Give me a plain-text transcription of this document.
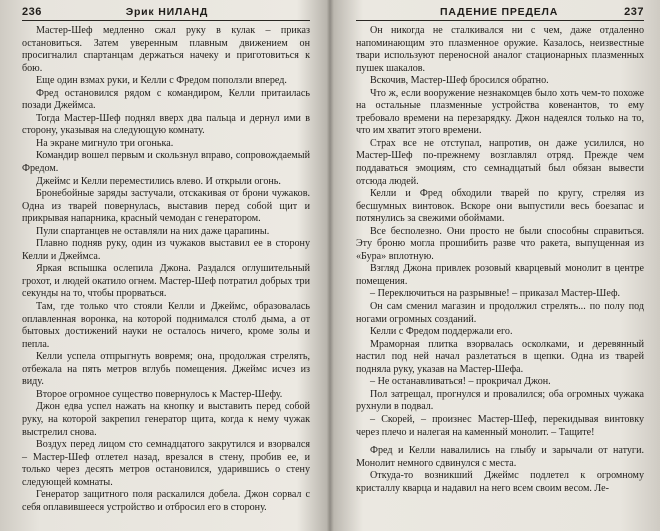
236	Эрик НИЛАНД

Мастер-Шеф медленно сжал руку в кулак – приказ остановиться. Затем уверенным плавным движением он просигналил спартанцам держаться начеку и приготовиться к бою.

Еще один взмах руки, и Келли с Фредом поползли вперед.

Фред остановился рядом с командиром, Келли притаилась позади Джеймса.

Тогда Мастер-Шеф поднял вверх два пальца и дернул ими в сторону, указывая на следующую комнату.

На экране мигнуло три огонька.

Командир вошел первым и скользнул вправо, сопровождаемый Фредом.

Джеймс и Келли переместились влево. И открыли огонь.

Бронебойные заряды застучали, отскакивая от брони чужаков. Одна из тварей повернулась, выставив перед собой щит и прикрывая напарника, красный чемодан с генератором.

Пули спартанцев не оставляли на них даже царапины.

Плавно подняв руку, один из чужаков выставил ее в сторону Келли и Джеймса.

Яркая вспышка ослепила Джона. Раздался оглушительный грохот, и людей окатило огнем. Мастер-Шеф потратил добрых три секунды на то, чтобы прорваться.

Там, где только что стояли Келли и Джеймс, образовалась оплавленная воронка, на которой поднимался столб дыма, а от бытовых достижений науки не осталось ничего, кроме золы и пепла.

Келли успела отпрыгнуть вовремя; она, продолжая стрелять, отбежала на пять метров вглубь помещения. Джеймс исчез из виду.

Второе огромное существо повернулось к Мастер-Шефу.

Джон едва успел нажать на кнопку и выставить перед собой руку, на которой закрепил генератор щита, когда к нему чужак выстрелил снова.

Воздух перед лицом сто семнадцатого закрутился и взорвался – Мастер-Шеф отлетел назад, врезался в стену, пробив ее, и только через десять метров остановился, ударившись о стену следующей комнаты.

Генератор защитного поля раскалился добела. Джон сорвал с себя оплавившееся устройство и отбросил его в сторону.

ПАДЕНИЕ ПРЕДЕЛА	237

Он никогда не сталкивался ни с чем, даже отдаленно напоминающим это плазменное оружие. Казалось, неизвестные твари используют переносной аналог стационарных плазменных пушек шакалов.

Вскочив, Мастер-Шеф бросился обратно.

Что ж, если вооружение незнакомцев было хоть чем-то похоже на остальные плазменные устройства ковенантов, то ему требовало времени на перезарядку. Джон надеялся только на то, что им хватит этого времени.

Страх все не отступал, напротив, он даже усилился, но Мастер-Шеф по-прежнему возглавлял отряд. Прежде чем поддаваться эмоциям, сто семнадцатый был обязан вывести отсюда людей.

Келли и Фред обходили тварей по кругу, стреляя из бесшумных винтовок. Вскоре они выпустили весь боезапас и потянулись за свежими обоймами.

Все бесполезно. Они просто не были способны справиться. Эту броню могла прошибить разве что ракета, выпущенная из «Бура» вплотную.

Взгляд Джона привлек розовый кварцевый монолит в центре помещения.

– Переключиться на разрывные! – приказал Мастер-Шеф.

Он сам сменил магазин и продолжил стрелять... по полу под ногами огромных созданий.

Келли с Фредом поддержали его.

Мраморная плитка взорвалась осколками, и деревянный настил под ней начал разлетаться в щепки. Одна из тварей подняла руку, указав на Мастер-Шефа.

– Не останавливаться! – прокричал Джон.

Пол затрещал, прогнулся и провалился; оба огромных чужака рухнули в подвал.

– Скорей, – произнес Мастер-Шеф, перекидывая винтовку через плечо и налегая на каменный монолит. – Тащите!

Фред и Келли навалились на глыбу и зарычали от натуги. Монолит немного сдвинулся с места.

Откуда-то возникший Джеймс подлетел к огромному кристаллу кварца и надавил на него всем своим весом. Ле-
